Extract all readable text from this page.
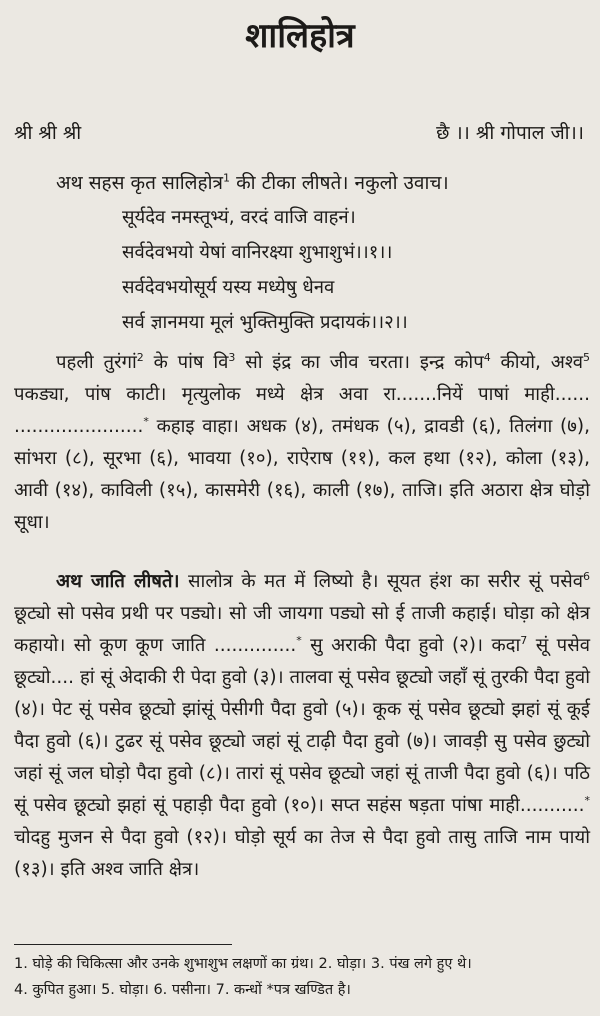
शालिहोत्र
श्री श्री श्री	छै ।। श्री गोपाल जी।।
अथ सहस कृत सालिहोत्र$^1$ की टीका लीषते। नकुलो उवाच।
सूर्यदेव नमस्तूभ्यं, वरदं वाजि वाहनं।
सर्वदेवभयो येषां वानिरक्ष्या शुभाशुभं।।१।।
सर्वदेवभयोसूर्य यस्य मध्येषु धेनव
सर्व ज्ञानमया मूलं भुक्तिमुक्ति प्रदायकं।।२।।

पहली तुरंगां$^2$ के पांष वि$^3$ सो इंद्र का जीव चरता। इन्द्र कोप$^4$ कीयो, अश्व$^5$ पकड्या, पांष काटी। मृत्युलोक मध्ये क्षेत्र अवा रा.......नियें पाषां माही...... ......................* कहाइ वाहा। अधक (४), तमंधक (५), द्रावडी (६), तिलंगा (७), सांभरा (८), सूरभा (६), भावया (१०), राऐराष (११), कल हथा (१२), कोला (१३), आवी (१४), काविली (१५), कासमेरी (१६), काली (१७), ताजि। इति अठारा क्षेत्र घोड़ो सूधा।

अथ जाति लीषते। सालोत्र के मत में लिष्यो है। सूयत हंश का सरीर सूं पसेव$^6$ छूट्यो सो पसेव प्रथी पर पड्यो। सो जी जायगा पड्यो सो ई ताजी कहाई। घोड़ा को क्षेत्र कहायो। सो कूण कूण जाति ..............* सु अराकी पैदा हुवो (२)। कदा$^7$ सूं पसेव छूट्यो.... हां सूं अेदाकी री पेदा हुवो (३)। तालवा सूं पसेव छूट्यो जहाँ सूं तुरकी पैदा हुवो (४)। पेट सूं पसेव छूट्यो झांसूं पेसीगी पैदा हुवो (५)। कूक सूं पसेव छूट्यो झहां सूं कूई पैदा हुवो (६)। टुढर सूं पसेव छूट्यो जहां सूं टाढ़ी पैदा हुवो (७)। जावड़ी सु पसेव छुट्यो जहां सूं जल घोड़ो पैदा हुवो (८)। तारां सूं पसेव छूट्यो जहां सूं ताजी पैदा हुवो (६)। पठि सूं पसेव छूट्यो झहां सूं पहाड़ी पैदा हुवो (१०)। सप्त सहंस षड़ता पांषा माही...........* चोदहु मुजन से पैदा हुवो (१२)। घोड़ो सूर्य का तेज से पैदा हुवो तासु ताजि नाम पायो (१३)। इति अश्व जाति क्षेत्र।

1. घोड़े की चिकित्सा और उनके शुभाशुभ लक्षणों का ग्रंथ। 2. घोड़ा। 3. पंख लगे हुए थे।
4. कुपित हुआ। 5. घोड़ा। 6. पसीना। 7. कन्धों *पत्र खण्डित है।
